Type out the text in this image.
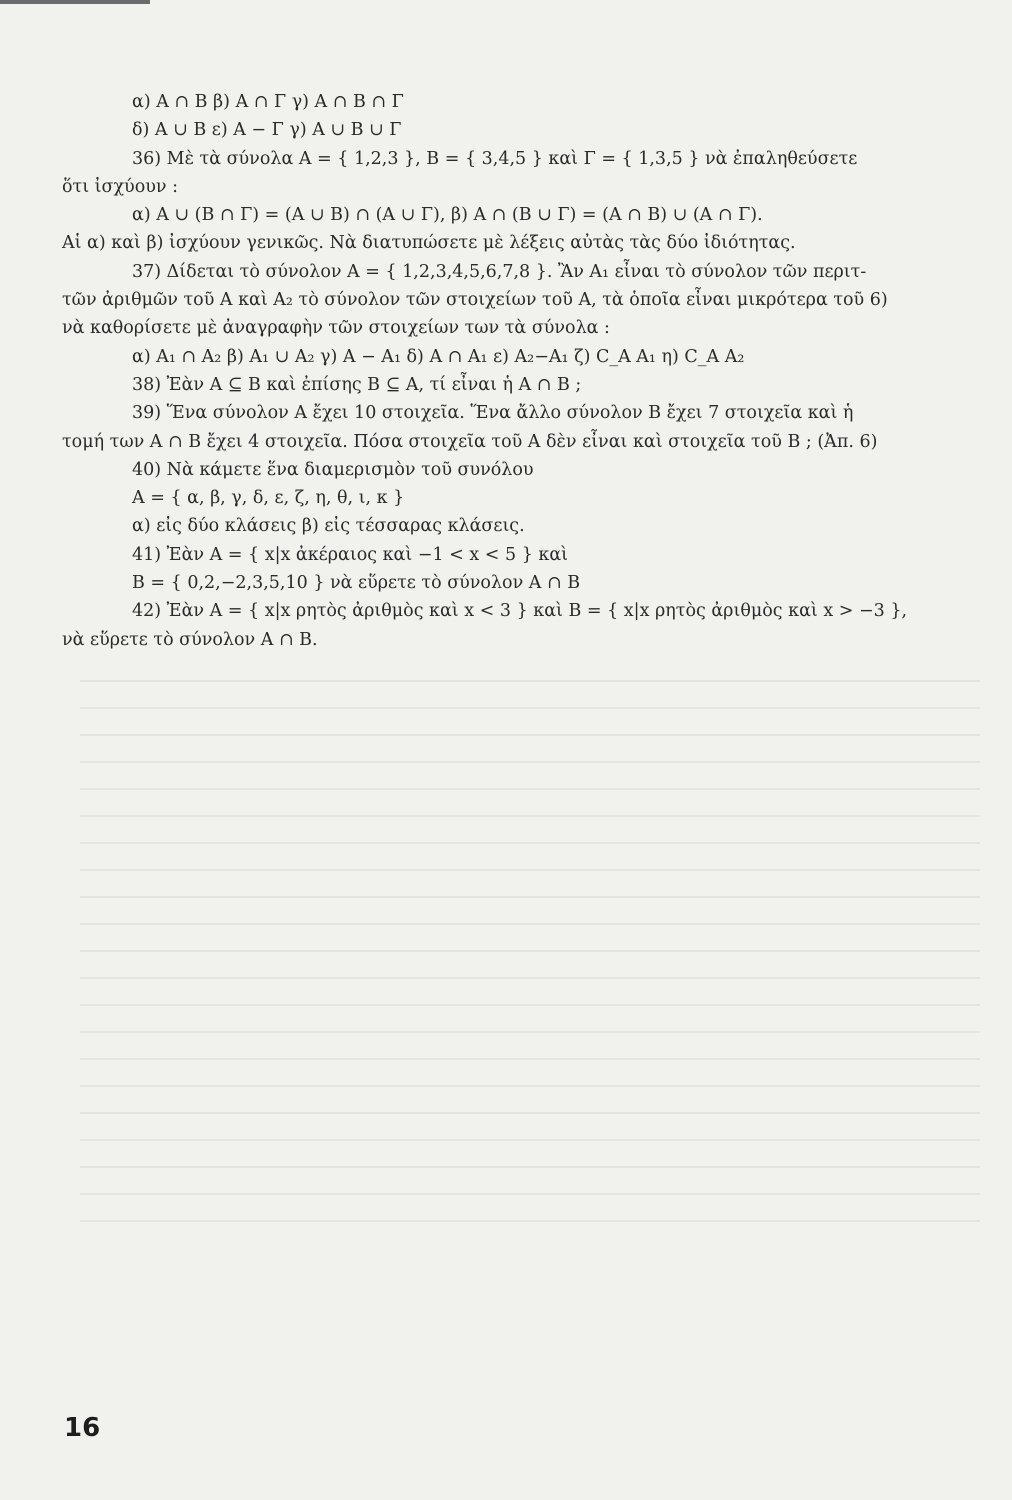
α) A ∩ B β) A ∩ Γ γ) A ∩ B ∩ Γ
δ) A ∪ B ε) A − Γ γ) A ∪ B ∪ Γ
36) Μὲ τὰ σύνολα A = { 1,2,3 }, B = { 3,4,5 } καὶ Γ = { 1,3,5 } νὰ ἐπαληθεύσετε
ὅτι ἰσχύουν :
α) A ∪ (B ∩ Γ) = (A ∪ B) ∩ (A ∪ Γ), β) A ∩ (B ∪ Γ) = (A ∩ B) ∪ (A ∩ Γ).
Αἱ α) καὶ β) ἰσχύουν γενικῶς. Νὰ διατυπώσετε μὲ λέξεις αὐτὰς τὰς δύο ἰδιότητας.
37) Δίδεται τὸ σύνολον A = { 1,2,3,4,5,6,7,8 }. Ἂν A₁ εἶναι τὸ σύνολον τῶν περιτ-
τῶν ἀριθμῶν τοῦ A καὶ A₂ τὸ σύνολον τῶν στοιχείων τοῦ A, τὰ ὁποῖα εἶναι μικρότερα τοῦ 6)
νὰ καθορίσετε μὲ ἀναγραφὴν τῶν στοιχείων των τὰ σύνολα :
α) A₁ ∩ A₂ β) A₁ ∪ A₂ γ) A − A₁ δ) A ∩ A₁ ε) A₂−A₁ ζ) C_A A₁ η) C_A A₂
38) Ἐὰν A ⊆ B καὶ ἐπίσης B ⊆ A, τί εἶναι ἡ A ∩ B ;
39) Ἕνα σύνολον A ἔχει 10 στοιχεῖα. Ἕνα ἄλλο σύνολον B ἔχει 7 στοιχεῖα καὶ ἡ
τομή των A ∩ B ἔχει 4 στοιχεῖα. Πόσα στοιχεῖα τοῦ A δὲν εἶναι καὶ στοιχεῖα τοῦ B ; (Ἀπ. 6)
40) Νὰ κάμετε ἕνα διαμερισμὸν τοῦ συνόλου
A = { α, β, γ, δ, ε, ζ, η, θ, ι, κ }
α) εἰς δύο κλάσεις β) εἰς τέσσαρας κλάσεις.
41) Ἐὰν A = { x|x ἀκέραιος καὶ −1 < x < 5 } καὶ
B = { 0,2,−2,3,5,10 } νὰ εὕρετε τὸ σύνολον A ∩ B
42) Ἐὰν A = { x|x ρητὸς ἀριθμὸς καὶ x < 3 } καὶ B = { x|x ρητὸς ἀριθμὸς καὶ x > −3 },
νὰ εὕρετε τὸ σύνολον A ∩ B.
16
